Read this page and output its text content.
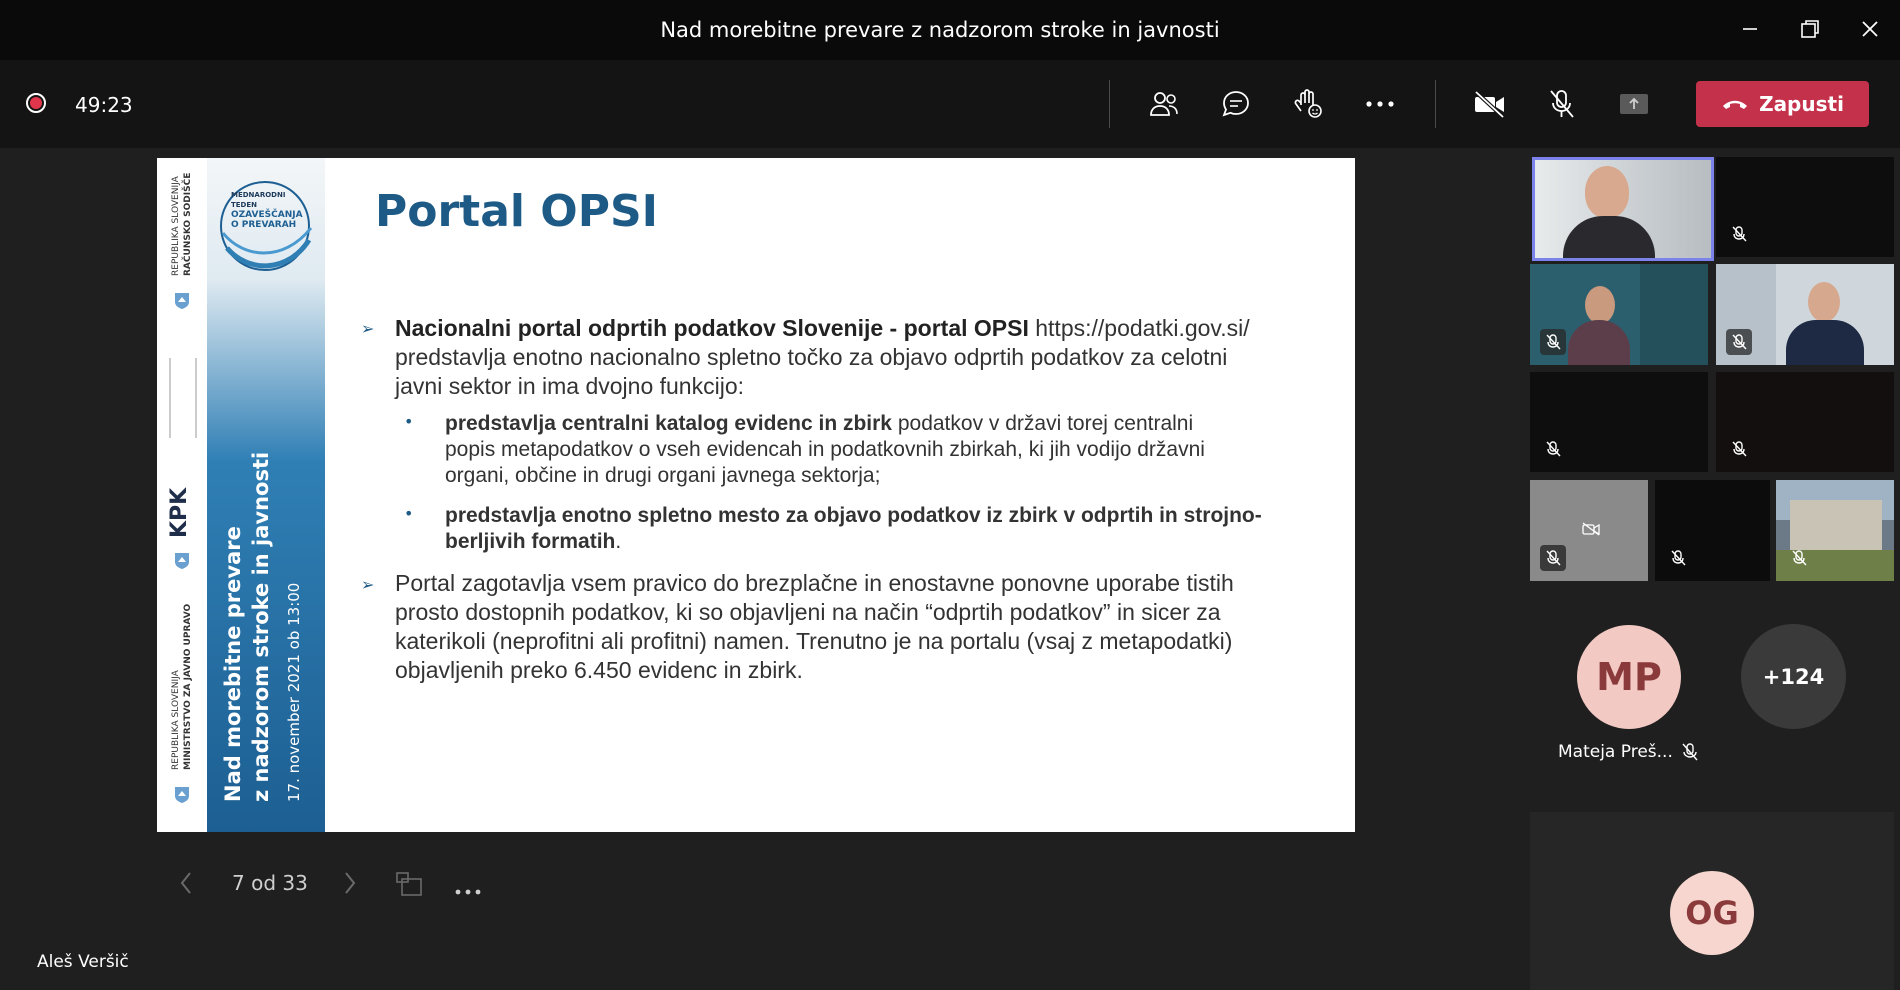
Nad morebitne prevare z nadzorom stroke in javnosti
49:23	Zapusti
REPUBLIKA SLOVENIJA RAČUNSKO SODIŠČE
KPK
REPUBLIKA SLOVENIJA MINISTRSTVO ZA JAVNO UPRAVO
MEDNARODNI
TEDEN
OZAVEŠČANJA
O PREVARAH
Nad morebitne prevare z nadzorom stroke in javnosti 17. november 2021 ob 13:00
Portal OPSI
➢ Nacionalni portal odprtih podatkov Slovenije - portal OPSI https://podatki.gov.si/
predstavlja enotno nacionalno spletno točko za objavo odprtih podatkov za celotni
javni sektor in ima dvojno funkcijo:
• predstavlja centralni katalog evidenc in zbirk podatkov v državi torej centralni
popis metapodatkov o vseh evidencah in podatkovnih zbirkah, ki jih vodijo državni
organi, občine in drugi organi javnega sektorja;
• predstavlja enotno spletno mesto za objavo podatkov iz zbirk v odprtih in strojno-
berljivih formatih.
➢ Portal zagotavlja vsem pravico do brezplačne in enostavne ponovne uporabe tistih
prosto dostopnih podatkov, ki so objavljeni na način “odprtih podatkov” in sicer za
katerikoli (neprofitni ali profitni) namen. Trenutno je na portalu (vsaj z metapodatki)
objavljenih preko 6.450 evidenc in zbirk.
7 od 33
Aleš Veršič
MP	+124
Mateja Preš...
OG
